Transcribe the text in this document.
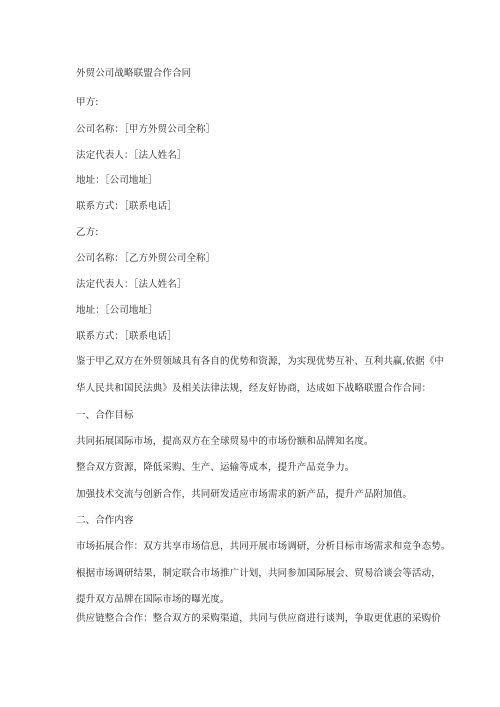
外贸公司战略联盟合作合同
甲方:
公司名称：［甲方外贸公司全称］
法定代表人：［法人姓名］
地址：［公司地址］
联系方式：［联系电话］
乙方:
公司名称：［乙方外贸公司全称］
法定代表人：［法人姓名］
地址：［公司地址］
联系方式：［联系电话］
鉴于甲乙双方在外贸领域具有各自的优势和资源，为实现优势互补、互利共赢,依据《中
华人民共和国民法典》及相关法律法规，经友好协商，达成如下战略联盟合作合同：
一、合作目标
共同拓展国际市场，提高双方在全球贸易中的市场份额和品牌知名度。
整合双方资源，降低采购、生产、运输等成本，提升产品竞争力。
加强技术交流与创新合作，共同研发适应市场需求的新产品，提升产品附加值。
二、合作内容
市场拓展合作：双方共享市场信息，共同开展市场调研，分析目标市场需求和竞争态势。
根据市场调研结果，制定联合市场推广计划，共同参加国际展会、贸易洽谈会等活动，
提升双方品牌在国际市场的曝光度。
供应链整合合作：整合双方的采购渠道，共同与供应商进行谈判，争取更优惠的采购价
